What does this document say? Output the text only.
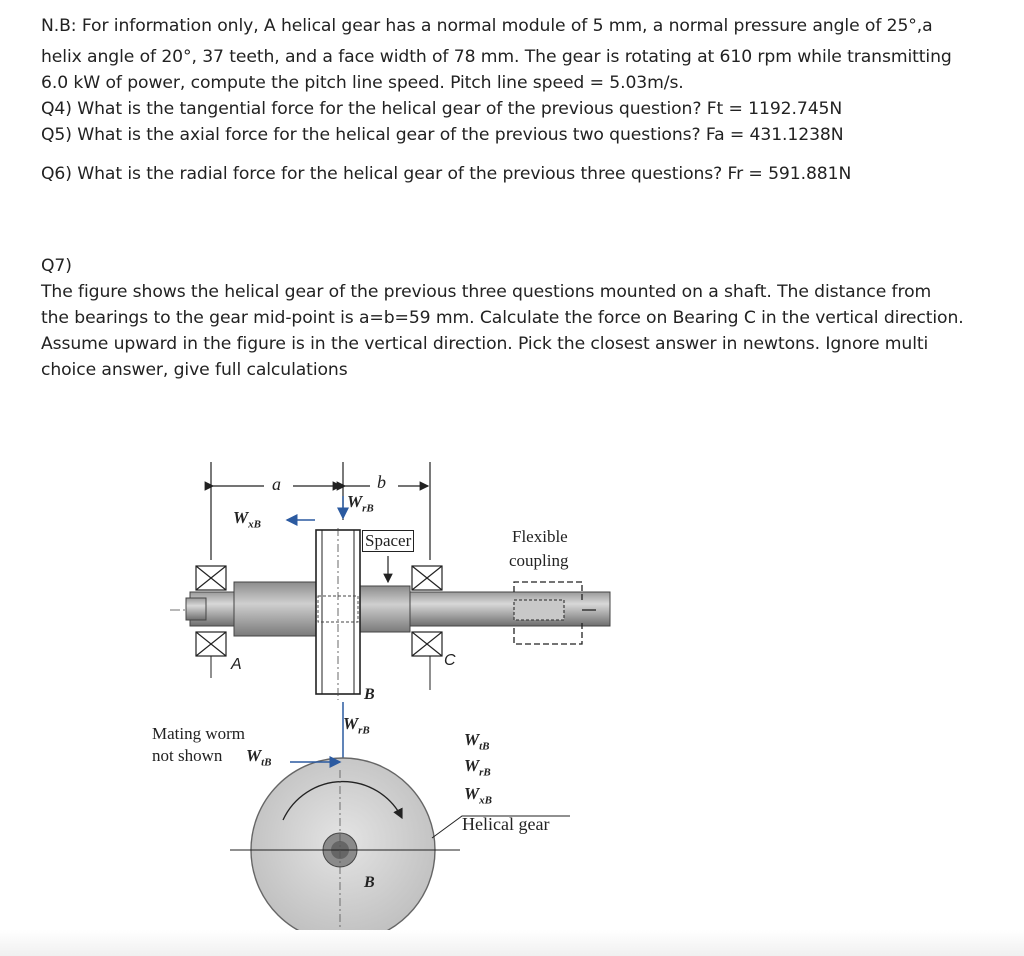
N.B: For information only, A helical gear has a normal module of 5 mm, a normal pressure angle of 25°,a
helix angle of 20°, 37 teeth, and a face width of 78 mm. The gear is rotating at 610 rpm while transmitting
6.0 kW of power, compute the pitch line speed. Pitch line speed = 5.03m/s.
Q4) What is the tangential force for the helical gear of the previous question? Ft = 1192.745N
Q5) What is the axial force for the helical gear of the previous two questions? Fa = 431.1238N
Q6) What is the radial force for the helical gear of the previous three questions? Fr = 591.881N
Q7)
The figure shows the helical gear of the previous three questions mounted on a shaft. The distance from
the bearings to the gear mid-point is a=b=59 mm. Calculate the force on Bearing C in the vertical direction.
Assume upward in the figure is in the vertical direction. Pick the closest answer in newtons. Ignore multi
choice answer, give full calculations
a	b
$W_{xB}$
$W_{rB}$
Spacer	Flexible
coupling
A	C
B
$W_{rB}$
Mating worm
not shown $W_{tB}$
$W_{tB}$
$W_{rB}$
$W_{xB}$
Helical gear
B
